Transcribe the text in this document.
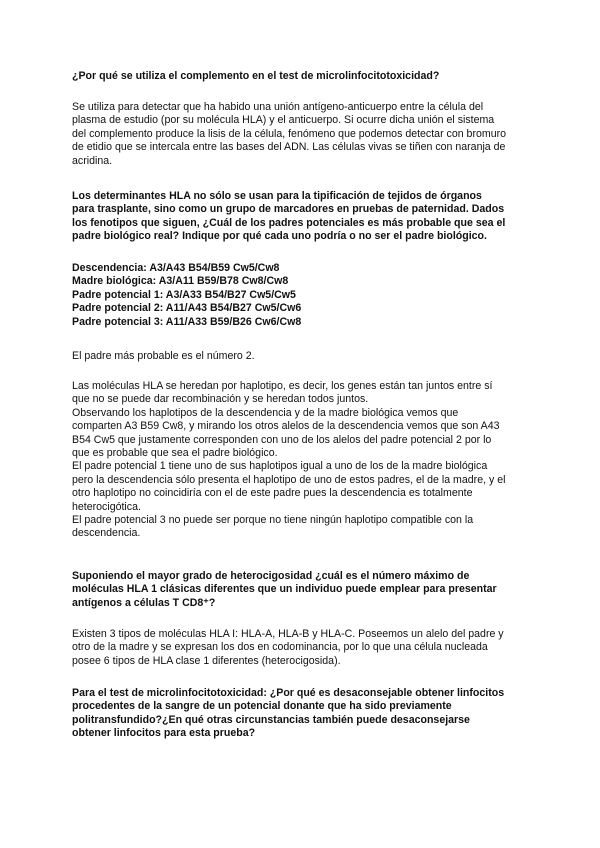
¿Por qué se utiliza el complemento en el test de microlinfocitotoxicidad?

Se utiliza para detectar que ha habido una unión antígeno-anticuerpo entre la célula del
plasma de estudio (por su molécula HLA) y el anticuerpo. Si ocurre dicha unión el sistema
del complemento produce la lisis de la célula, fenómeno que podemos detectar con bromuro
de etidio que se intercala entre las bases del ADN. Las células vivas se tiñen con naranja de
acridina.

Los determinantes HLA no sólo se usan para la tipificación de tejidos de órganos
para trasplante, sino como un grupo de marcadores en pruebas de paternidad. Dados
los fenotipos que siguen, ¿Cuál de los padres potenciales es más probable que sea el
padre biológico real? Indique por qué cada uno podría o no ser el padre biológico.

Descendencia: A3/A43 B54/B59 Cw5/Cw8
Madre biológica: A3/A11 B59/B78 Cw8/Cw8
Padre potencial 1: A3/A33 B54/B27 Cw5/Cw5
Padre potencial 2: A11/A43 B54/B27 Cw5/Cw6
Padre potencial 3: A11/A33 B59/B26 Cw6/Cw8

El padre más probable es el número 2.

Las moléculas HLA se heredan por haplotipo, es decir, los genes están tan juntos entre sí
que no se puede dar recombinación y se heredan todos juntos.
Observando los haplotipos de la descendencia y de la madre biológica vemos que
comparten A3 B59 Cw8, y mirando los otros alelos de la descendencia vemos que son A43
B54 Cw5 que justamente corresponden con uno de los alelos del padre potencial 2 por lo
que es probable que sea el padre biológico.
El padre potencial 1 tiene uno de sus haplotipos igual a uno de los de la madre biológica
pero la descendencia sólo presenta el haplotipo de uno de estos padres, el de la madre, y el
otro haplotipo no coincidiría con el de este padre pues la descendencia es totalmente
heterocigótica.
El padre potencial 3 no puede ser porque no tiene ningún haplotipo compatible con la
descendencia.

Suponiendo el mayor grado de heterocigosidad ¿cuál es el número máximo de
moléculas HLA 1 clásicas diferentes que un individuo puede emplear para presentar
antígenos a células T CD8⁺?

Existen 3 tipos de moléculas HLA I: HLA-A, HLA-B y HLA-C. Poseemos un alelo del padre y
otro de la madre y se expresan los dos en codominancia, por lo que una célula nucleada
posee 6 tipos de HLA clase 1 diferentes (heterocigosida).

Para el test de microlinfocitotoxicidad: ¿Por qué es desaconsejable obtener linfocitos
procedentes de la sangre de un potencial donante que ha sido previamente
politransfundido?¿En qué otras circunstancias también puede desaconsejarse
obtener linfocitos para esta prueba?
